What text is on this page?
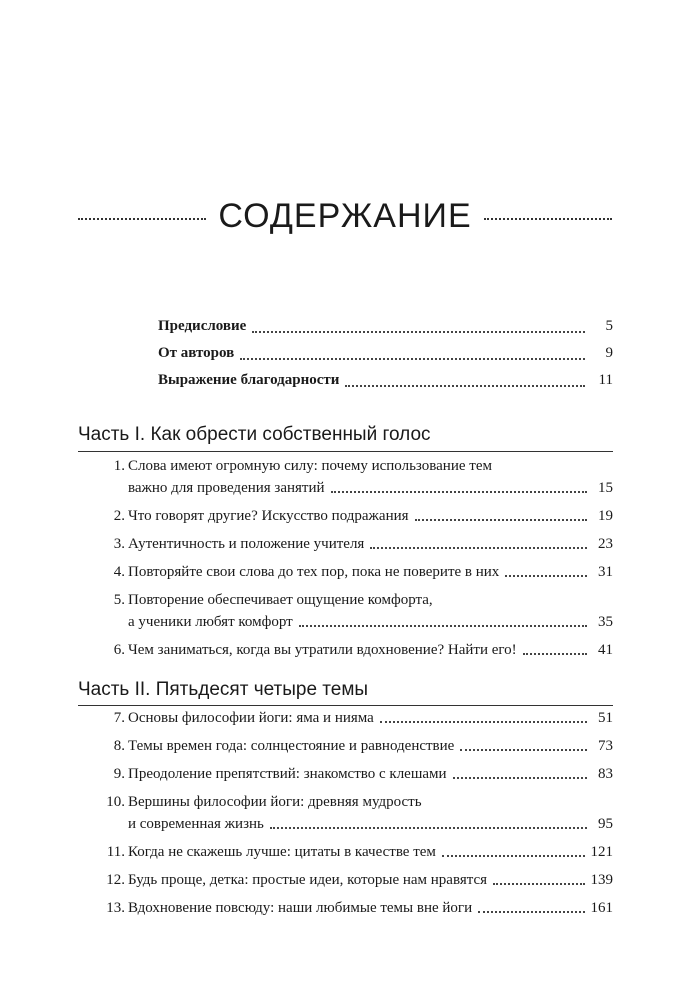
СОДЕРЖАНИЕ
Предисловие	5
От авторов	9
Выражение благодарности	11
Часть I. Как обрести собственный голос
1. Слова имеют огромную силу: почему использование тем
важно для проведения занятий	15
2. Что говорят другие? Искусство подражания	19
3. Аутентичность и положение учителя	23
4. Повторяйте свои слова до тех пор, пока не поверите в них	31
5. Повторение обеспечивает ощущение комфорта,
а ученики любят комфорт	35
6. Чем заниматься, когда вы утратили вдохновение? Найти его!	41
Часть II. Пятьдесят четыре темы
7. Основы философии йоги: яма и нияма	51
8. Темы времен года: солнцестояние и равноденствие	73
9. Преодоление препятствий: знакомство с клешами	83
10. Вершины философии йоги: древняя мудрость
и современная жизнь	95
11. Когда не скажешь лучше: цитаты в качестве тем	121
12. Будь проще, детка: простые идеи, которые нам нравятся	139
13. Вдохновение повсюду: наши любимые темы вне йоги	161
